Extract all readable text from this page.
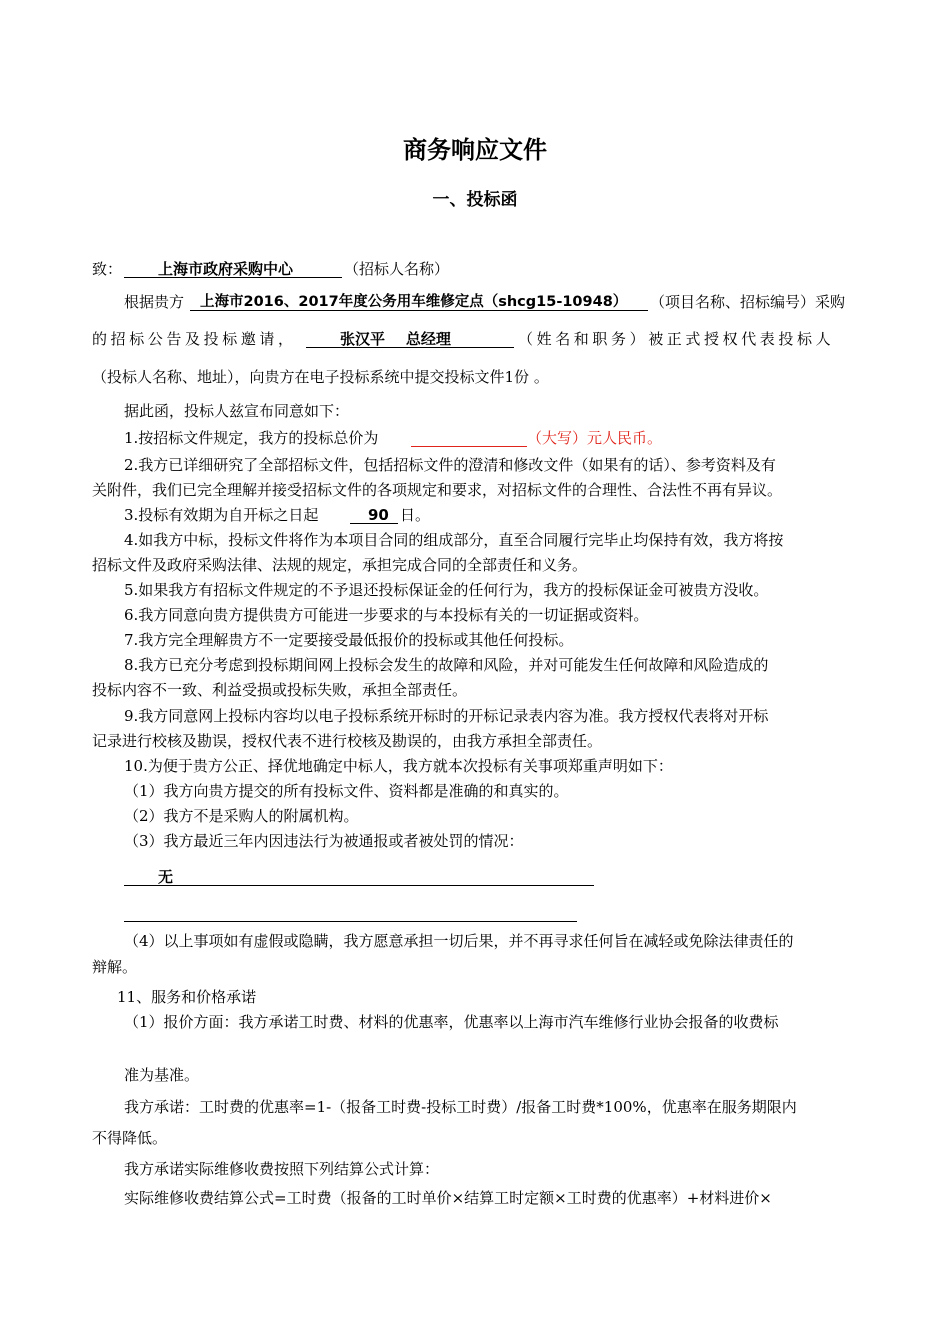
商务响应文件
一、投标函
致： 上海市政府采购中心	（招标人名称）
根据贵方 上海市2016、2017年度公务用车维修定点（shcg15-10948） （项目名称、招标编号）采购
的招标公告及投标邀请，	张汉平    总经理	（姓名和职务）被正式授权代表投标人
（投标人名称、地址），向贵方在电子投标系统中提交投标文件1份 。
据此函，投标人兹宣布同意如下：
1.按招标文件规定，我方的投标总价为	（大写）元人民币。
2.我方已详细研究了全部招标文件，包括招标文件的澄清和修改文件（如果有的话）、参考资料及有
关附件，我们已完全理解并接受招标文件的各项规定和要求，对招标文件的合理性、合法性不再有异议。
3.投标有效期为自开标之日起	90 日。
4.如我方中标，投标文件将作为本项目合同的组成部分，直至合同履行完毕止均保持有效，我方将按
招标文件及政府采购法律、法规的规定，承担完成合同的全部责任和义务。
5.如果我方有招标文件规定的不予退还投标保证金的任何行为，我方的投标保证金可被贵方没收。
6.我方同意向贵方提供贵方可能进一步要求的与本投标有关的一切证据或资料。
7.我方完全理解贵方不一定要接受最低报价的投标或其他任何投标。
8.我方已充分考虑到投标期间网上投标会发生的故障和风险，并对可能发生任何故障和风险造成的
投标内容不一致、利益受损或投标失败，承担全部责任。
9.我方同意网上投标内容均以电子投标系统开标时的开标记录表内容为准。我方授权代表将对开标
记录进行校核及勘误，授权代表不进行校核及勘误的，由我方承担全部责任。
10.为便于贵方公正、择优地确定中标人，我方就本次投标有关事项郑重声明如下：
（1）我方向贵方提交的所有投标文件、资料都是准确的和真实的。
（2）我方不是采购人的附属机构。
（3）我方最近三年内因违法行为被通报或者被处罚的情况：
无
（4）以上事项如有虚假或隐瞒，我方愿意承担一切后果，并不再寻求任何旨在减轻或免除法律责任的
辩解。
11、服务和价格承诺
（1）报价方面：我方承诺工时费、材料的优惠率，优惠率以上海市汽车维修行业协会报备的收费标
准为基准。
我方承诺：工时费的优惠率=1-（报备工时费-投标工时费）/报备工时费*100%，优惠率在服务期限内
不得降低。
我方承诺实际维修收费按照下列结算公式计算：
实际维修收费结算公式=工时费（报备的工时单价×结算工时定额×工时费的优惠率）+材料进价×
